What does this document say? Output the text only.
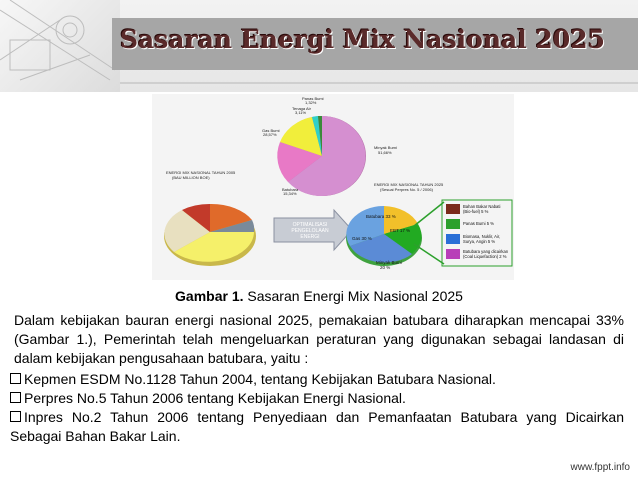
Sasaran Energi Mix Nasional 2025
Panas Bumi
1,32%
Tenaga Air
3,11%
Gas Bumi
28,57%
Minyak Bumi
51,66%
Batubara
15,34%
ENERGI MIX NASIONAL TAHUN 2005
(BAU MILLION BOE)
ENERGI MIX NASIONAL TAHUN 2025
(Sesuai Perpres No. 5 / 2006)
OPTIMALISASI
PENGELOLAAN
ENERGI
Batubara 33 %
Gas 30 %
EBT 17 %
Minyak Bumi
20 %
Bahan Bakar Nabati
(Bio-fuel) 5 %
Panas Bumi 5 %
Biomasa, Nuklir, Air,
Surya, Angin 5 %
Batubara yang dicairkan
(Coal Liquefaction) 2 %
Gambar 1. Sasaran Energi Mix Nasional 2025
Dalam kebijakan bauran energi nasional 2025, pemakaian batubara diharapkan mencapai 33% (Gambar 1.), Pemerintah telah mengeluarkan peraturan yang digunakan sebagai landasan di dalam kebijakan pengusahaan batubara, yaitu :
Kepmen ESDM No.1128 Tahun 2004, tentang Kebijakan Batubara Nasional.
Perpres No.5 Tahun 2006 tentang Kebijakan Energi Nasional.
Inpres No.2 Tahun 2006 tentang Penyediaan dan Pemanfaatan Batubara yang Dicairkan Sebagai Bahan Bakar Lain.
www.fppt.info
